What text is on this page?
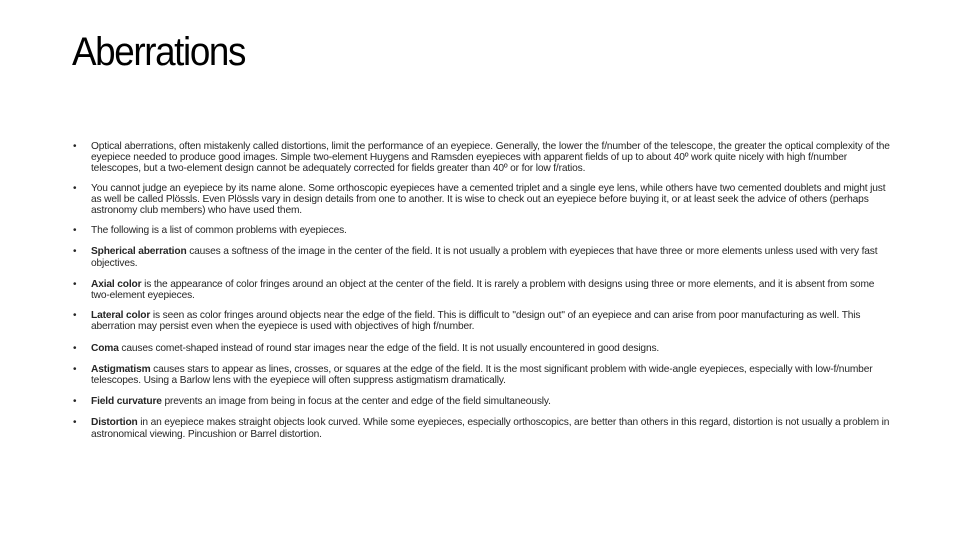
Aberrations
• Optical aberrations, often mistakenly called distortions, limit the performance of an eyepiece. Generally, the lower the f/number of the telescope, the greater the optical complexity of the eyepiece needed to produce good images. Simple two-element Huygens and Ramsden eyepieces with apparent fields of up to about 40º work quite nicely with high f/number telescopes, but a two-element design cannot be adequately corrected for fields greater than 40º or for low f/ratios.
• You cannot judge an eyepiece by its name alone. Some orthoscopic eyepieces have a cemented triplet and a single eye lens, while others have two cemented doublets and might just as well be called Plössls. Even Plössls vary in design details from one to another. It is wise to check out an eyepiece before buying it, or at least seek the advice of others (perhaps astronomy club members) who have used them.
• The following is a list of common problems with eyepieces.
• Spherical aberration causes a softness of the image in the center of the field. It is not usually a problem with eyepieces that have three or more elements unless used with very fast objectives.
• Axial color is the appearance of color fringes around an object at the center of the field. It is rarely a problem with designs using three or more elements, and it is absent from some two-element eyepieces.
• Lateral color is seen as color fringes around objects near the edge of the field. This is difficult to "design out" of an eyepiece and can arise from poor manufacturing as well. This aberration may persist even when the eyepiece is used with objectives of high f/number.
• Coma causes comet-shaped instead of round star images near the edge of the field. It is not usually encountered in good designs.
• Astigmatism causes stars to appear as lines, crosses, or squares at the edge of the field. It is the most significant problem with wide-angle eyepieces, especially with low-f/number telescopes. Using a Barlow lens with the eyepiece will often suppress astigmatism dramatically.
• Field curvature prevents an image from being in focus at the center and edge of the field simultaneously.
• Distortion in an eyepiece makes straight objects look curved. While some eyepieces, especially orthoscopics, are better than others in this regard, distortion is not usually a problem in astronomical viewing. Pincushion or Barrel distortion.
